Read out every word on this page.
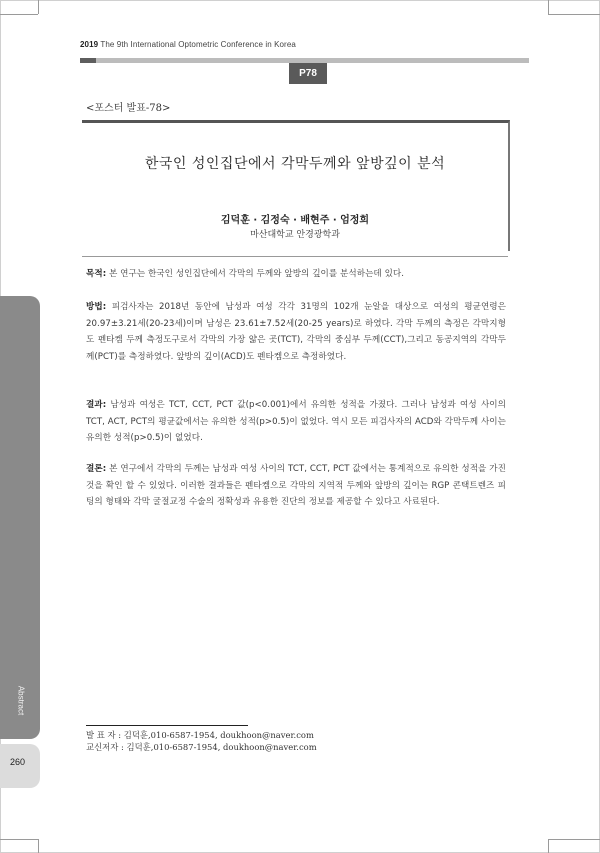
2019 The 9th International Optometric Conference in Korea
P78
<포스터 발표-78>
한국인 성인집단에서 각막두께와 앞방깊이 분석
김덕훈 · 김정숙 · 배현주 · 엄정희
마산대학교 안경광학과
목적: 본 연구는 한국인 성인집단에서 각막의 두께와 앞방의 깊이를 분석하는데 있다.
방법: 피검사자는 2018년 동안에 남성과 여성 각각 31명의 102개 눈알을 대상으로 여성의 평균연령은 20.97±3.21세(20-23세)이며 남성은 23.61±7.52세(20-25 years)로 하였다. 각막 두께의 측정은 각막지형도 펜타켐 두께 측정도구로서 각막의 가장 얇은 곳(TCT), 각막의 중심부 두께(CCT),그리고 동공지역의 각막두께(PCT)를 측정하였다. 앞방의 깊이(ACD)도 펜타켐으로 측정하였다.
결과: 남성과 여성은 TCT, CCT, PCT 값(p<0.001)에서 유의한 성적을 가졌다. 그러나 남성과 여성 사이의 TCT, ACT, PCT의 평균값에서는 유의한 성적(p>0.5)이 없었다. 역시 모든 피검사자의 ACD와 각막두께 사이는 유의한 성적(p>0.5)이 없었다.
결론: 본 연구에서 각막의 두께는 남성과 여성 사이의 TCT, CCT, PCT 값에서는 통계적으로 유의한 성적을 가진 것을 확인 할 수 있었다. 이러한 결과들은 펜타켐으로 각막의 지역적 두께와 앞방의 깊이는 RGP 콘택트렌즈 피팅의 형태와 각막 굴절교정 수술의 정확성과 유용한 진단의 정보를 제공할 수 있다고 사료된다.
발 표 자 : 김덕훈,010-6587-1954, doukhoon@naver.com
교신저자 : 김덕훈,010-6587-1954, doukhoon@naver.com
Abstract
260
